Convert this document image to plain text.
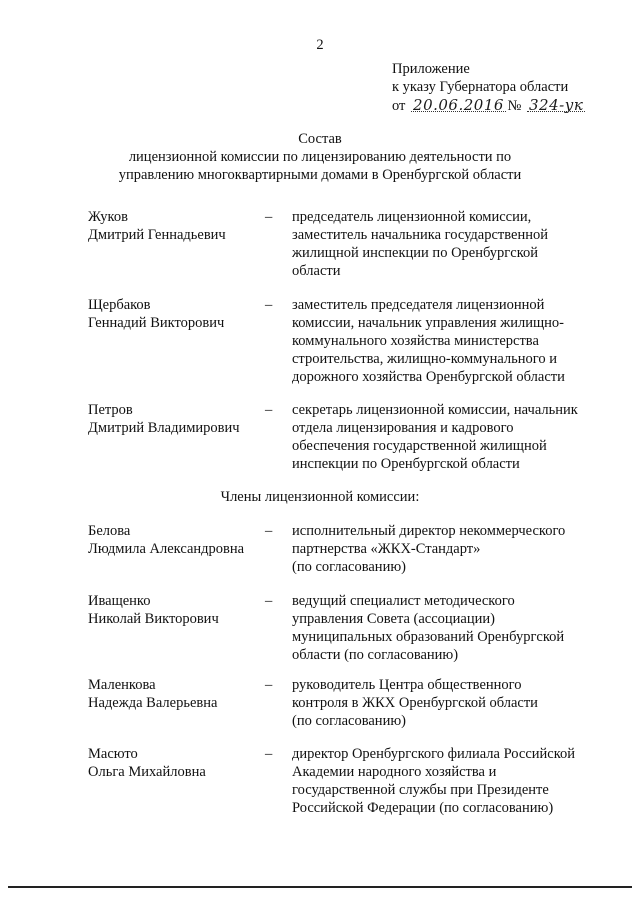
2
Приложение
к указу Губернатора области
от 20.06.2016 № 324-ук
Состав
лицензионной комиссии по лицензированию деятельности по
управлению многоквартирными домами в Оренбургской области
Жуков
Дмитрий Геннадьевич
– председатель лицензионной комиссии,
заместитель начальника государственной
жилищной инспекции по Оренбургской
области
Щербаков
Геннадий Викторович
– заместитель председателя лицензионной
комиссии, начальник управления жилищно-
коммунального хозяйства министерства
строительства, жилищно-коммунального и
дорожного хозяйства Оренбургской области
Петров
Дмитрий Владимирович
– секретарь лицензионной комиссии, начальник
отдела лицензирования и кадрового
обеспечения государственной жилищной
инспекции по Оренбургской области
Члены лицензионной комиссии:
Белова
Людмила Александровна
– исполнительный директор некоммерческого
партнерства «ЖКХ-Стандарт»
(по согласованию)
Иващенко
Николай Викторович
– ведущий специалист методического
управления Совета (ассоциации)
муниципальных образований Оренбургской
области (по согласованию)
Маленкова
Надежда Валерьевна
– руководитель Центра общественного
контроля в ЖКХ Оренбургской области
(по согласованию)
Масюто
Ольга Михайловна
– директор Оренбургского филиала Российской
Академии народного хозяйства и
государственной службы при Президенте
Российской Федерации (по согласованию)
